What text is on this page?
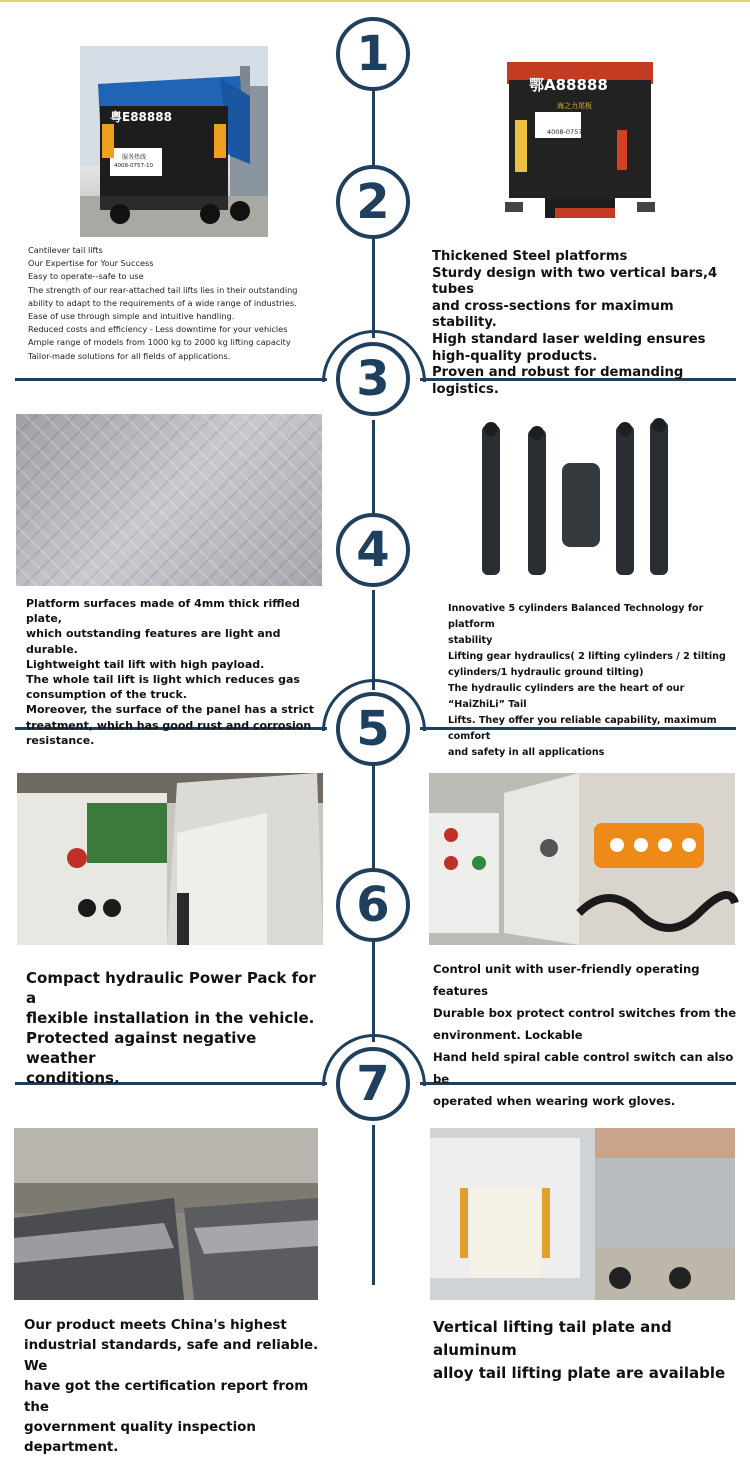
1
2
3
4
5
6
7
粤E88888
服务热线
4008-0757-10
鄂A88888
海之力尾板
4008-0757-10
Cantilever tail lifts
Our Expertise for Your Success
Easy to operate--safe to use
The strength of our rear-attached tail lifts lies in their outstanding
ability to adapt to the requirements of a wide range of industries.
Ease of use through simple and intuitive handling.
Reduced costs and efficiency - Less downtime for your vehicles
Ample range of models from 1000 kg to 2000 kg lifting capacity
Tailor-made solutions for all fields of applications.
Thickened Steel platforms
Sturdy design with two vertical bars,4 tubes
and cross-sections for maximum stability.
High standard laser welding ensures
high-quality products.
Proven and robust for demanding logistics.
Platform surfaces made of 4mm thick riffled plate,
which outstanding features are light and durable.
Lightweight tail lift with high payload.
The whole tail lift is light which reduces gas
consumption of the truck.
Moreover, the surface of the panel has a strict
treatment, which has good rust and corrosion
resistance.
Innovative 5 cylinders Balanced Technology for platform
stability
Lifting gear hydraulics( 2 lifting cylinders / 2 tilting
cylinders/1 hydraulic ground tilting)
The hydraulic cylinders are the heart of our “HaiZhiLi” Tail
Lifts. They offer you reliable capability, maximum comfort
and safety in all applications
Compact hydraulic Power Pack for a
flexible installation in the vehicle.
Protected against negative weather
conditions.
Control unit with user-friendly operating features
Durable box protect control switches from the
environment. Lockable
Hand held spiral cable control switch can also be
operated when wearing work gloves.
Our product meets China's highest
industrial standards, safe and reliable. We
have got the certification report from the
government quality inspection department.
Vertical lifting tail plate and aluminum
alloy tail lifting plate are available
